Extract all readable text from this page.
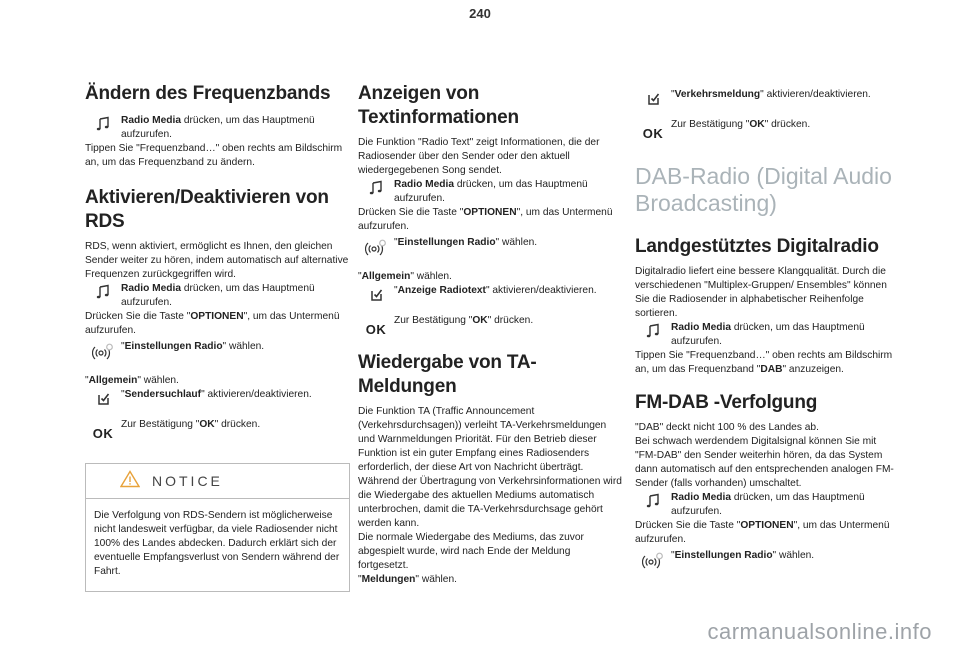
240
Ändern des Frequenzbands
Radio Media drücken, um das Hauptmenü aufzurufen.

Tippen Sie "Frequenzband…" oben rechts am Bildschirm an, um das Frequenzband zu ändern.

Aktivieren/Deaktivieren von
RDS

RDS, wenn aktiviert, ermöglicht es Ihnen, den gleichen Sender weiter zu hören, indem automatisch auf alternative Frequenzen zurückgegriffen wird.

Radio Media drücken, um das Hauptmenü aufzurufen.

Drücken Sie die Taste "OPTIONEN", um das Untermenü aufzurufen.

"Einstellungen Radio" wählen.

"Allgemein" wählen.

"Sendersuchlauf" aktivieren/deaktivieren.
OK
Zur Bestätigung "OK" drücken.
NOTICE
Die Verfolgung von RDS-Sendern ist möglicherweise nicht landesweit verfügbar, da viele Radiosender nicht 100% des Landes abdecken. Dadurch erklärt sich der eventuelle Empfangsverlust von Sendern während der Fahrt.
Anzeigen von
Textinformationen

Die Funktion "Radio Text" zeigt Informationen, die der Radiosender über den Sender oder den aktuell wiedergegebenen Song sendet.

Radio Media drücken, um das Hauptmenü aufzurufen.

Drücken Sie die Taste "OPTIONEN", um das Untermenü aufzurufen.

"Einstellungen Radio" wählen.

"Allgemein" wählen.

"Anzeige Radiotext" aktivieren/deaktivieren.
OK
Zur Bestätigung "OK" drücken.
Wiedergabe von TA-Meldungen

Die Funktion TA (Traffic Announcement (Verkehrsdurchsagen)) verleiht TA-Verkehrsmeldungen und Warnmeldungen Priorität. Für den Betrieb dieser Funktion ist ein guter Empfang eines Radiosenders erforderlich, der diese Art von Nachricht überträgt. Während der Übertragung von Verkehrsinformationen wird die Wiedergabe des aktuellen Mediums automatisch unterbrochen, damit die TA-Verkehrsdurchsage gehört werden kann.

Die normale Wiedergabe des Mediums, das zuvor abgespielt wurde, wird nach Ende der Meldung fortgesetzt.

"Meldungen" wählen.

"Verkehrsmeldung" aktivieren/deaktivieren.
OK
Zur Bestätigung "OK" drücken.
DAB-Radio (Digital Audio
Broadcasting)
Landgestütztes Digitalradio

Digitalradio liefert eine bessere Klangqualität. Durch die verschiedenen "Multiplex-Gruppen/ Ensembles" können Sie die Radiosender in alphabetischer Reihenfolge sortieren.

Radio Media drücken, um das Hauptmenü aufzurufen.

Tippen Sie "Frequenzband…" oben rechts am Bildschirm an, um das Frequenzband "DAB" anzuzeigen.

FM-DAB -Verfolgung

"DAB" deckt nicht 100 % des Landes ab.

Bei schwach werdendem Digitalsignal können Sie mit "FM-DAB" den Sender weiterhin hören, da das System dann automatisch auf den entsprechenden analogen FM-Sender (falls vorhanden) umschaltet.

Radio Media drücken, um das Hauptmenü aufzurufen.

Drücken Sie die Taste "OPTIONEN", um das Untermenü aufzurufen.

"Einstellungen Radio" wählen.
carmanualsonline.info
